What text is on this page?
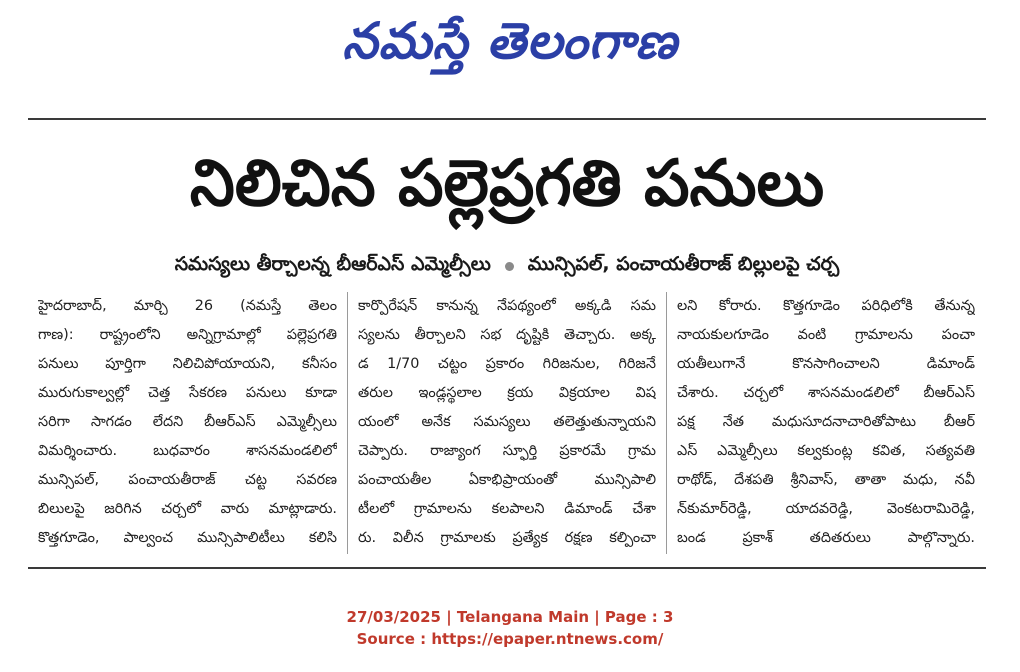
నమస్తే తెలంగాణ
నిలిచిన పల్లెప్రగతి పనులు
సమస్యలు తీర్చాలన్న బీఆర్‌ఎస్‌ ఎమ్మెల్సీలు మున్సిపల్‌, పంచాయతీరాజ్‌ బిల్లులపై చర్చ
హైదరాబాద్‌, మార్చి 26 (నమస్తే తెలం
గాణ): రాష్ట్రంలోని అన్నిగ్రామాల్లో పల్లెప్రగతి
పనులు పూర్తిగా నిలిచిపోయాయని, కనీసం
మురుగుకాల్వల్లో చెత్త సేకరణ పనులు కూడా
సరిగా సాగడం లేదని బీఆర్‌ఎస్‌ ఎమ్మెల్సీలు
విమర్శించారు. బుధవారం శాసనమండలిలో
మున్సిపల్‌, పంచాయతీరాజ్‌ చట్ట సవరణ
బిలులపై జరిగిన చర్చలో వారు మాట్లాడారు.
కొత్తగూడెం, పాల్వంచ మున్సిపాలిటీలు కలిసి
కార్పొరేషన్‌ కానున్న నేపథ్యంలో అక్కడి సమ
స్యలను తీర్చాలని సభ దృష్టికి తెచ్చారు. అక్క
డ 1/70 చట్టం ప్రకారం గిరిజనుల, గిరిజనే
తరుల ఇండ్లస్థలాల క్రయ విక్రయాల విష
యంలో అనేక సమస్యలు తలెత్తుతున్నాయని
చెప్పారు. రాజ్యాంగ స్ఫూర్తి ప్రకారమే గ్రామ
పంచాయతీల ఏకాభిప్రాయంతో మున్సిపాలి
టీలలో గ్రామాలను కలపాలని డిమాండ్‌ చేశా
రు. విలీన గ్రామాలకు ప్రత్యేక రక్షణ కల్పించా
లని కోరారు. కొత్తగూడెం పరిధిలోకి తేనున్న
నాయకులగూడెం వంటి గ్రామాలను పంచా
యతీలుగానే కొనసాగించాలని డిమాండ్‌
చేశారు. చర్చలో శాసనమండలిలో బీఆర్‌ఎస్‌
పక్ష నేత మధుసూదనాచారితోపాటు బీఆర్‌
ఎస్‌ ఎమ్మెల్సీలు కల్వకుంట్ల కవిత, సత్యవతి
రాథోడ్‌, దేశపతి శ్రీనివాస్‌, తాతా మధు, నవీ
న్‌కుమార్‌రెడ్డి, యాదవరెడ్డి, వెంకటరామిరెడ్డి,
బండ ప్రకాశ్‌ తదితరులు పాల్గొన్నారు.
27/03/2025 | Telangana Main | Page : 3
Source : https://epaper.ntnews.com/
